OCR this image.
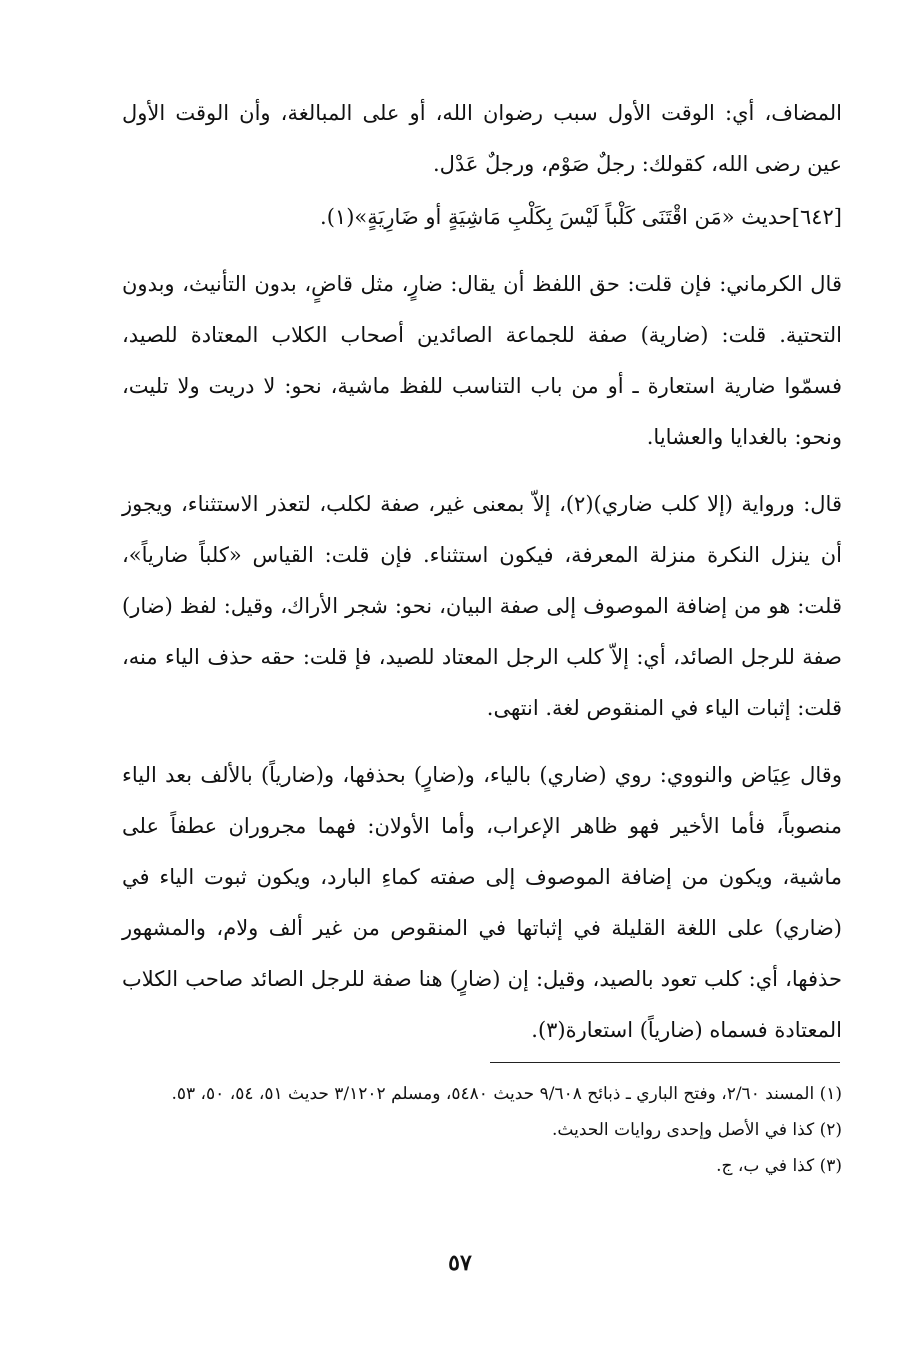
المضاف، أي: الوقت الأول سبب رضوان الله، أو على المبالغة، وأن الوقت الأول عين رضى الله، كقولك: رجلٌ صَوْم، ورجلٌ عَدْل.

[٦٤٢]حديث «مَن اقْتَنَى كَلْباً لَيْسَ بِكَلْبِ مَاشِيَةٍ أو ضَارِيَةٍ»(١).

قال الكرماني: فإن قلت: حق اللفظ أن يقال: ضارٍ، مثل قاضٍ، بدون التأنيث، وبدون التحتية. قلت: (ضارية) صفة للجماعة الصائدين أصحاب الكلاب المعتادة للصيد، فسمّوا ضارية استعارة ـ أو من باب التناسب للفظ ماشية، نحو: لا دريت ولا تليت، ونحو: بالغدايا والعشايا.

قال: ورواية (إلا كلب ضاري)(٢)، إلاّ بمعنى غير، صفة لكلب، لتعذر الاستثناء، ويجوز أن ينزل النكرة منزلة المعرفة، فيكون استثناء. فإن قلت: القياس «كلباً ضارياً»، قلت: هو من إضافة الموصوف إلى صفة البيان، نحو: شجر الأراك، وقيل: لفظ (ضار) صفة للرجل الصائد، أي: إلاّ كلب الرجل المعتاد للصيد، فإ قلت: حقه حذف الياء منه، قلت: إثبات الياء في المنقوص لغة. انتهى.

وقال عِيَاض والنووي: روي (ضاري) بالياء، و(ضارٍ) بحذفها، و(ضارياً) بالألف بعد الياء منصوباً، فأما الأخير فهو ظاهر الإعراب، وأما الأولان: فهما مجروران عطفاً على ماشية، ويكون من إضافة الموصوف إلى صفته كماءِ البارد، ويكون ثبوت الياء في (ضاري) على اللغة القليلة في إثباتها في المنقوص من غير ألف ولام، والمشهور حذفها، أي: كلب تعود بالصيد، وقيل: إن (ضارٍ) هنا صفة للرجل الصائد صاحب الكلاب المعتادة فسماه (ضارياً) استعارة(٣).

(١) المسند ٢/٦٠، وفتح الباري ـ ذبائح ٩/٦٠٨ حديث ٥٤٨٠، ومسلم ٣/١٢٠٢ حديث ٥١، ٥٤، ٥٠، ٥٣.

(٢) كذا في الأصل وإحدى روايات الحديث.

(٣) كذا في ب، ج.

٥٧
